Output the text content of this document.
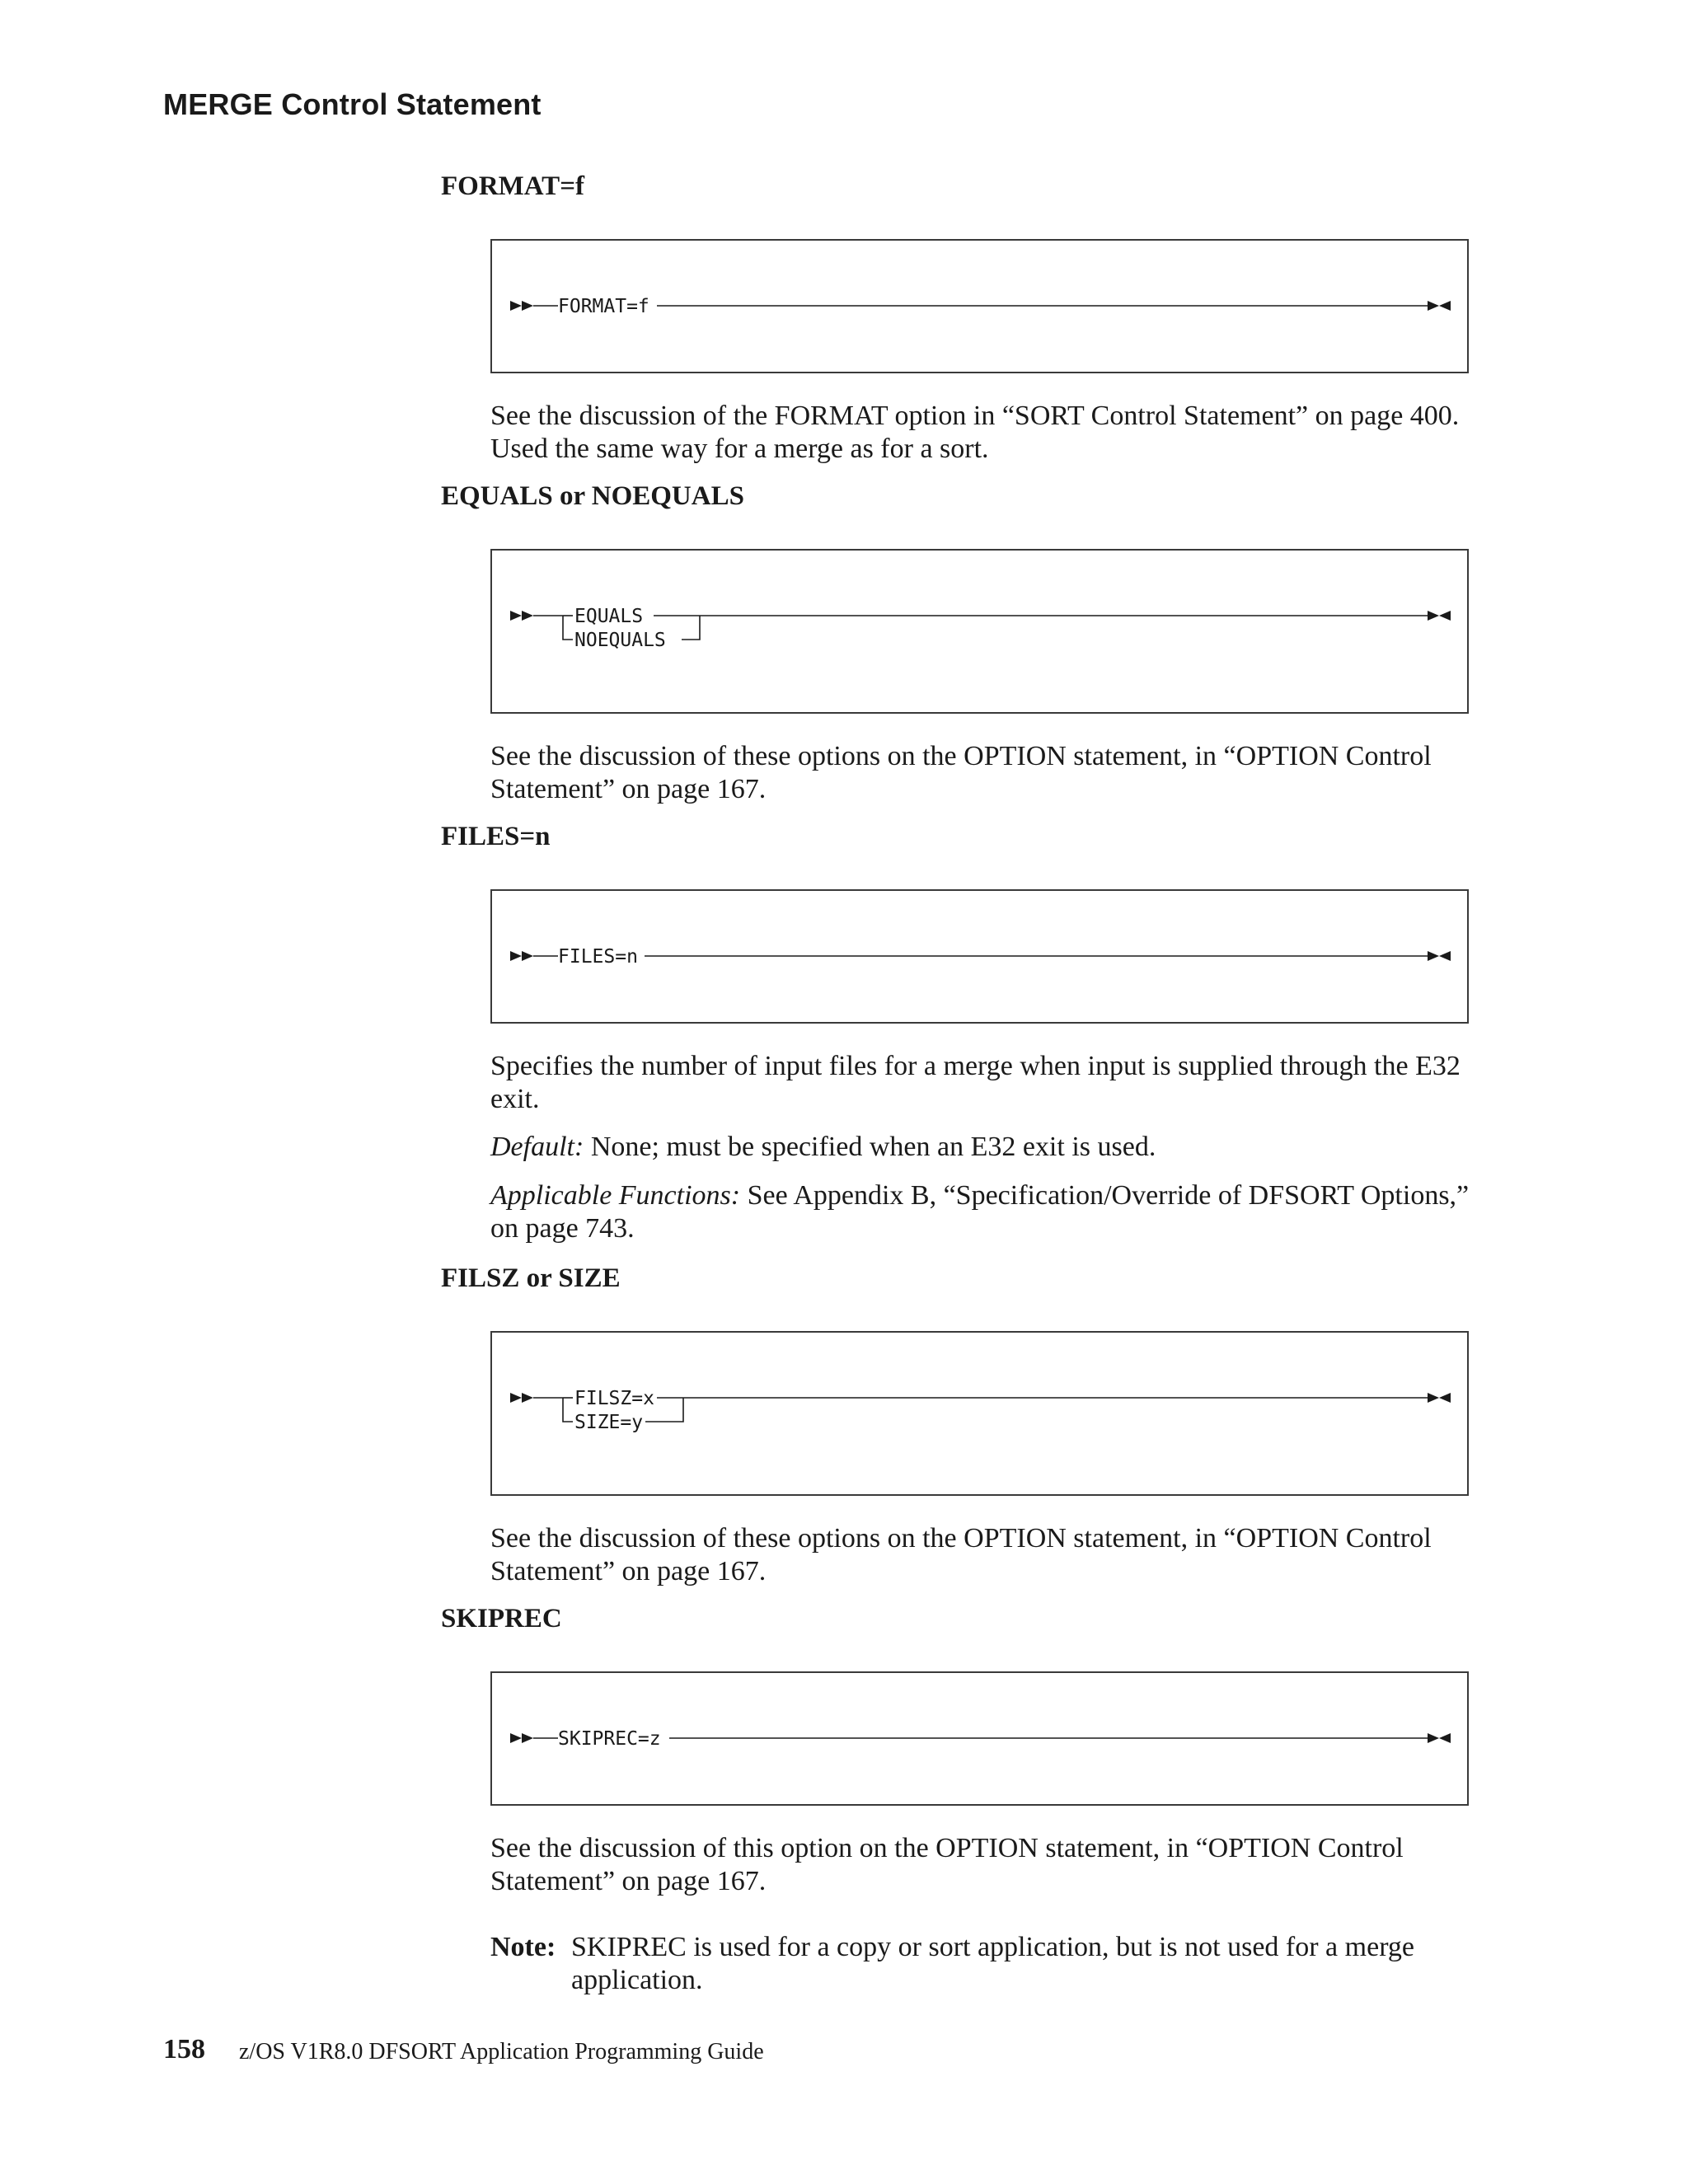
MERGE Control Statement
FORMAT=f
FORMAT=f

See the discussion of the FORMAT option in “SORT Control Statement” on page 400. Used the same way for a merge as for a sort.

EQUALS or NOEQUALS
EQUALS
NOEQUALS

See the discussion of these options on the OPTION statement, in “OPTION Control Statement” on page 167.

FILES=n
FILES=n

Specifies the number of input files for a merge when input is supplied through the E32 exit.

Default: None; must be specified when an E32 exit is used.

Applicable Functions: See Appendix B, “Specification/Override of DFSORT Options,” on page 743.

FILSZ or SIZE
FILSZ=x
SIZE=y

See the discussion of these options on the OPTION statement, in “OPTION Control Statement” on page 167.

SKIPREC
SKIPREC=z

See the discussion of this option on the OPTION statement, in “OPTION Control Statement” on page 167.

Note: SKIPREC is used for a copy or sort application, but is not used for a merge application.
158 z/OS V1R8.0 DFSORT Application Programming Guide
